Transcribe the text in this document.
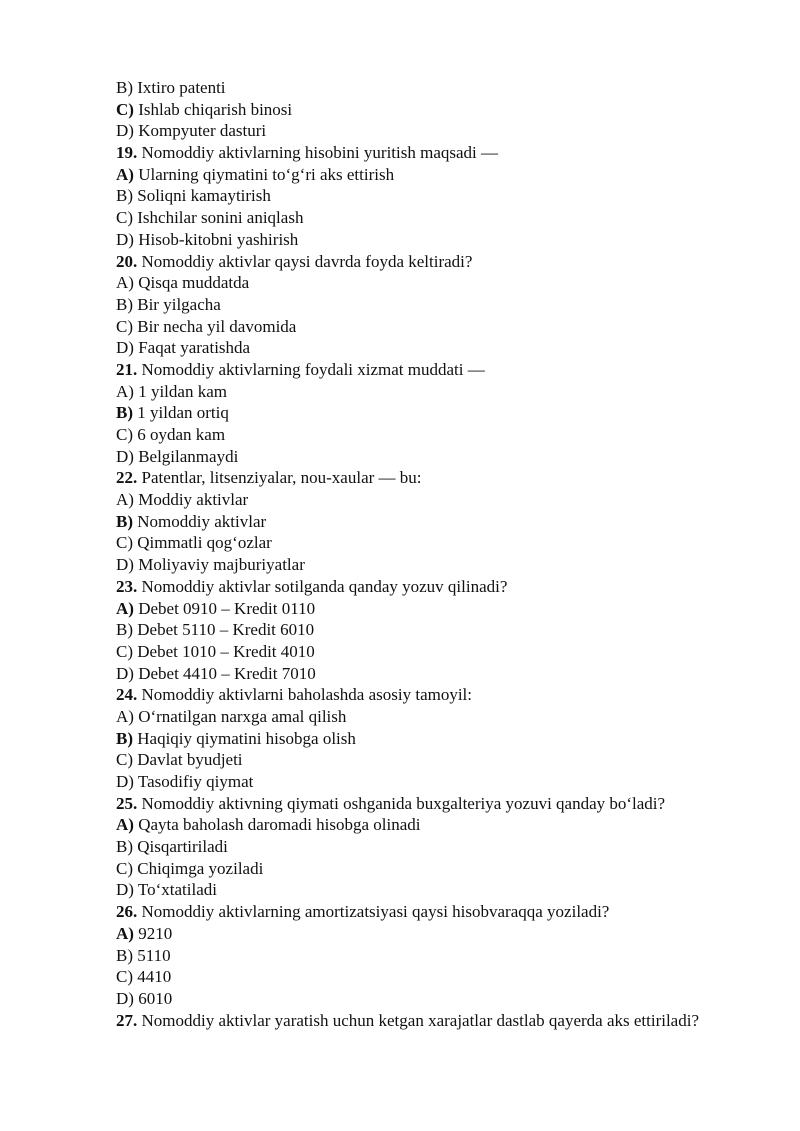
B) Ixtiro patenti
C) Ishlab chiqarish binosi
D) Kompyuter dasturi
19. Nomoddiy aktivlarning hisobini yuritish maqsadi —
A) Ularning qiymatini to‘g‘ri aks ettirish
B) Soliqni kamaytirish
C) Ishchilar sonini aniqlash
D) Hisob-kitobni yashirish
20. Nomoddiy aktivlar qaysi davrda foyda keltiradi?
A) Qisqa muddatda
B) Bir yilgacha
C) Bir necha yil davomida
D) Faqat yaratishda
21. Nomoddiy aktivlarning foydali xizmat muddati —
A) 1 yildan kam
B) 1 yildan ortiq
C) 6 oydan kam
D) Belgilanmaydi
22. Patentlar, litsenziyalar, nou-xaular — bu:
A) Moddiy aktivlar
B) Nomoddiy aktivlar
C) Qimmatli qog‘ozlar
D) Moliyaviy majburiyatlar
23. Nomoddiy aktivlar sotilganda qanday yozuv qilinadi?
A) Debet 0910 – Kredit 0110
B) Debet 5110 – Kredit 6010
C) Debet 1010 – Kredit 4010
D) Debet 4410 – Kredit 7010
24. Nomoddiy aktivlarni baholashda asosiy tamoyil:
A) O‘rnatilgan narxga amal qilish
B) Haqiqiy qiymatini hisobga olish
C) Davlat byudjeti
D) Tasodifiy qiymat
25. Nomoddiy aktivning qiymati oshganida buxgalteriya yozuvi qanday bo‘ladi?
A) Qayta baholash daromadi hisobga olinadi
B) Qisqartiriladi
C) Chiqimga yoziladi
D) To‘xtatiladi
26. Nomoddiy aktivlarning amortizatsiyasi qaysi hisobvaraqqa yoziladi?
A) 9210
B) 5110
C) 4410
D) 6010
27. Nomoddiy aktivlar yaratish uchun ketgan xarajatlar dastlab qayerda aks ettiriladi?
